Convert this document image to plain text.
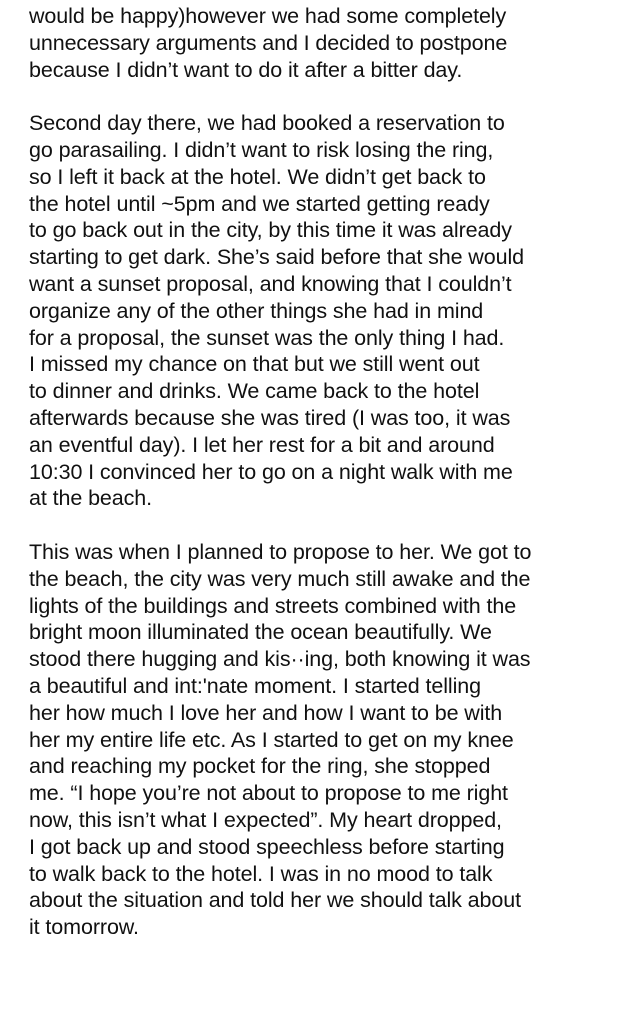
would be happy)however we had some completely
unnecessary arguments and I decided to postpone
because I didn’t want to do it after a bitter day.
Second day there, we had booked a reservation to
go parasailing. I didn’t want to risk losing the ring,
so I left it back at the hotel. We didn’t get back to
the hotel until ~5pm and we started getting ready
to go back out in the city, by this time it was already
starting to get dark. She’s said before that she would
want a sunset proposal, and knowing that I couldn’t
organize any of the other things she had in mind
for a proposal, the sunset was the only thing I had.
I missed my chance on that but we still went out
to dinner and drinks. We came back to the hotel
afterwards because she was tired (I was too, it was
an eventful day). I let her rest for a bit and around
10:30 I convinced her to go on a night walk with me
at the beach.
This was when I planned to propose to her. We got to
the beach, the city was very much still awake and the
lights of the buildings and streets combined with the
bright moon illuminated the ocean beautifully. We
stood there hugging and kis··ing, both knowing it was
a beautiful and int:'nate moment. I started telling
her how much I love her and how I want to be with
her my entire life etc. As I started to get on my knee
and reaching my pocket for the ring, she stopped
me. “I hope you’re not about to propose to me right
now, this isn’t what I expected”. My heart dropped,
I got back up and stood speechless before starting
to walk back to the hotel. I was in no mood to talk
about the situation and told her we should talk about
it tomorrow.
